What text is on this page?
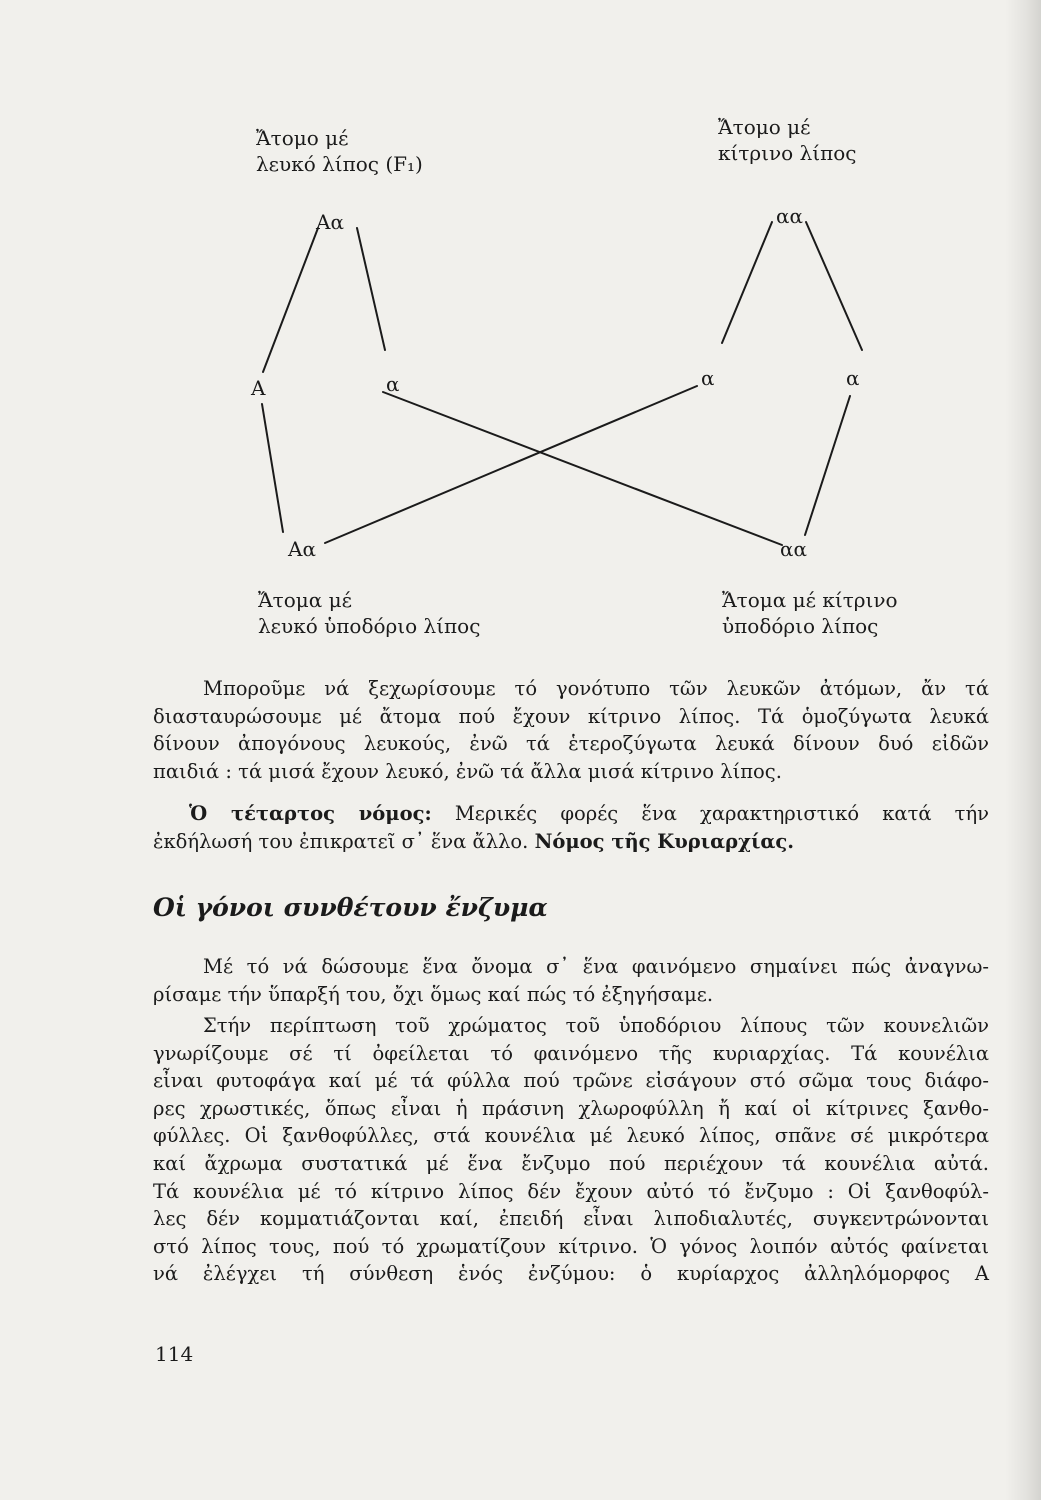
Ἄτομο μέ
λευκό λίπος (F₁)
Ἄτομο μέ
κίτρινο λίπος
Αα	αα
Α	α	α	α
Αα	αα
Ἄτομα μέ
λευκό ὑποδόριο λίπος
Ἄτομα μέ κίτρινο
ὑποδόριο λίπος
Μποροῦμε νά ξεχωρίσουμε τό γονότυπο τῶν λευκῶν ἀτόμων, ἄν τά
διασταυρώσουμε μέ ἄτομα πού ἔχουν κίτρινο λίπος. Τά ὁμοζύγωτα λευκά
δίνουν ἀπογόνους λευκούς, ἐνῶ τά ἑτεροζύγωτα λευκά δίνουν δυό εἰδῶν
παιδιά : τά μισά ἔχουν λευκό, ἐνῶ τά ἄλλα μισά κίτρινο λίπος.
Ὁ τέταρτος νόμος: Μερικές φορές ἕνα χαρακτηριστικό κατά τήν
ἐκδήλωσή του ἐπικρατεῖ σ᾽ ἕνα ἄλλο. Νόμος τῆς Κυριαρχίας.
Οἱ γόνοι συνθέτουν ἔνζυμα
Μέ τό νά δώσουμε ἕνα ὄνομα σ᾽ ἕνα φαινόμενο σημαίνει πώς ἀναγνω-
ρίσαμε τήν ὕπαρξή του, ὄχι ὅμως καί πώς τό ἐξηγήσαμε.
Στήν περίπτωση τοῦ χρώματος τοῦ ὑποδόριου λίπους τῶν κουνελιῶν
γνωρίζουμε σέ τί ὀφείλεται τό φαινόμενο τῆς κυριαρχίας. Τά κουνέλια
εἶναι φυτοφάγα καί μέ τά φύλλα πού τρῶνε εἰσάγουν στό σῶμα τους διάφο-
ρες χρωστικές, ὅπως εἶναι ἡ πράσινη χλωροφύλλη ἤ καί οἱ κίτρινες ξανθο-
φύλλες. Οἱ ξανθοφύλλες, στά κουνέλια μέ λευκό λίπος, σπᾶνε σέ μικρότερα
καί ἄχρωμα συστατικά μέ ἕνα ἔνζυμο πού περιέχουν τά κουνέλια αὐτά.
Τά κουνέλια μέ τό κίτρινο λίπος δέν ἔχουν αὐτό τό ἔνζυμο : Οἱ ξανθοφύλ-
λες δέν κομματιάζονται καί, ἐπειδή εἶναι λιποδιαλυτές, συγκεντρώνονται
στό λίπος τους, πού τό χρωματίζουν κίτρινο. Ὁ γόνος λοιπόν αὐτός φαίνεται
νά ἐλέγχει τή σύνθεση ἑνός ἐνζύμου: ὁ κυρίαρχος ἀλληλόμορφος Α
114
